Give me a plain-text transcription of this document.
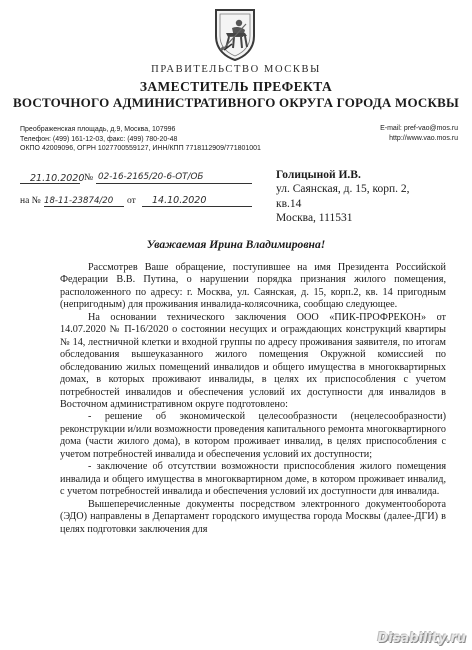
ПРАВИТЕЛЬСТВО МОСКВЫ
ЗАМЕСТИТЕЛЬ ПРЕФЕКТА
ВОСТОЧНОГО АДМИНИСТРАТИВНОГО ОКРУГА ГОРОДА МОСКВЫ
Преображенская площадь, д.9, Москва, 107996
Телефон: (499) 161-12-03, факс: (499) 780-20-48
ОКПО 42009096, ОГРН 1027700559127, ИНН/КПП 7718112909/771801001
E-mail: pref-vao@mos.ru
http://www.vao.mos.ru
21.10.2020 № 02-16-2165/20-6-ОТ/ОБ
на № 18-11-23874/20 от 14.10.2020
Голицыной И.В.
ул. Саянская, д. 15, корп. 2,
кв.14
Москва, 111531
Уважаемая Ирина Владимировна!

Рассмотрев Ваше обращение, поступившее на имя Президента Российской Федерации В.В. Путина, о нарушении порядка признания жилого помещения, расположенного по адресу: г. Москва, ул. Саянская, д. 15, корп.2, кв. 14 пригодным (непригодным) для проживания инвалида-колясочника, сообщаю следующее.

На основании технического заключения ООО «ПИК-ПРОФРЕКОН» от 14.07.2020 № П-16/2020 о состоянии несущих и ограждающих конструкций квартиры № 14, лестничной клетки и входной группы по адресу проживания заявителя, по итогам обследования вышеуказанного жилого помещения Окружной комиссией по обследованию жилых помещений инвалидов и общего имущества в многоквартирных домах, в которых проживают инвалиды, в целях их приспособления с учетом потребностей инвалидов и обеспечения условий их доступности для инвалидов в Восточном административном округе подготовлено:

- решение об экономической целесообразности (нецелесообразности) реконструкции и/или возможности проведения капитального ремонта многоквартирного дома (части жилого дома), в котором проживает инвалид, в целях приспособления с учетом потребностей инвалида и обеспечения условий их доступности;

- заключение об отсутствии возможности приспособления жилого помещения инвалида и общего имущества в многоквартирном доме, в котором проживает инвалид, с учетом потребностей инвалида и обеспечения условий их доступности для инвалида.

Вышеперечисленные документы посредством электронного документооборота (ЭДО) направлены в Департамент городского имущества города Москвы (далее-ДГИ) в целях подготовки заключения для

Disability.ru
